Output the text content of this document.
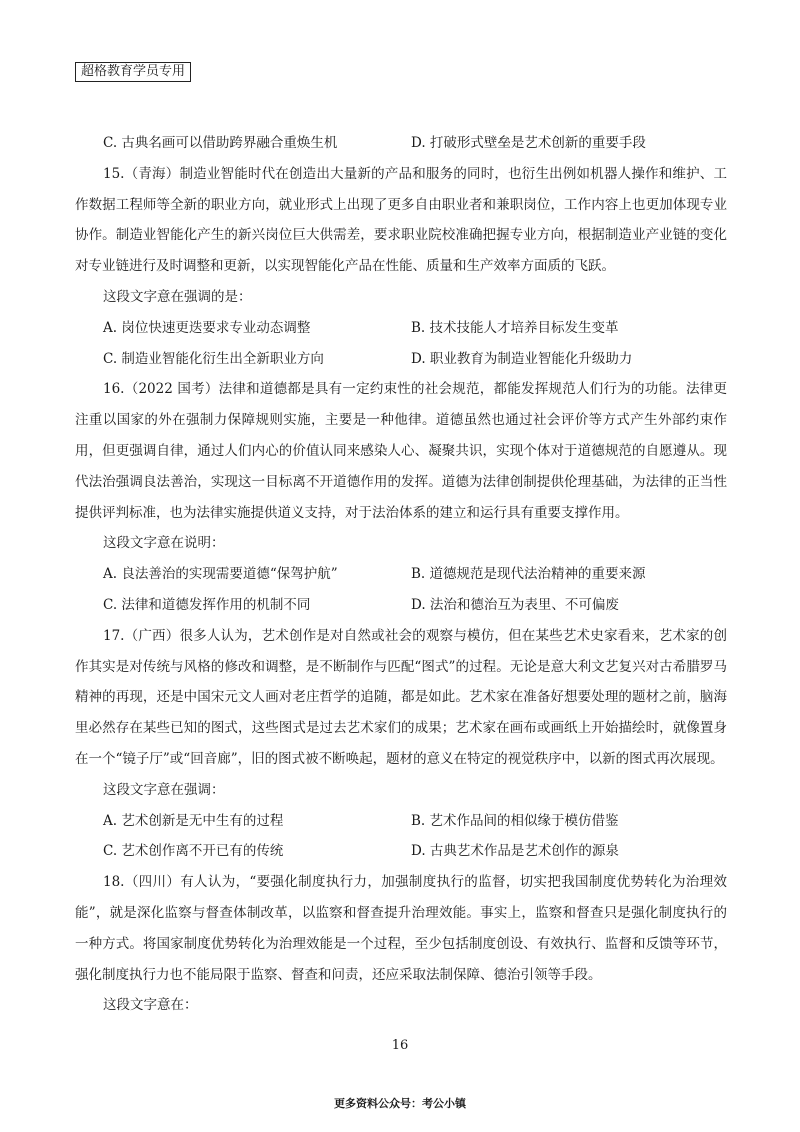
超格教育学员专用
C. 古典名画可以借助跨界融合重焕生机	D. 打破形式壁垒是艺术创新的重要手段

15.（青海）制造业智能时代在创造出大量新的产品和服务的同时，也衍生出例如机器人操作和维护、工作数据工程师等全新的职业方向，就业形式上出现了更多自由职业者和兼职岗位，工作内容上也更加体现专业协作。制造业智能化产生的新兴岗位巨大供需差，要求职业院校准确把握专业方向，根据制造业产业链的变化对专业链进行及时调整和更新，以实现智能化产品在性能、质量和生产效率方面质的飞跃。

这段文字意在强调的是：
A. 岗位快速更迭要求专业动态调整	B. 技术技能人才培养目标发生变革
C. 制造业智能化衍生出全新职业方向	D. 职业教育为制造业智能化升级助力

16.（2022 国考）法律和道德都是具有一定约束性的社会规范，都能发挥规范人们行为的功能。法律更注重以国家的外在强制力保障规则实施，主要是一种他律。道德虽然也通过社会评价等方式产生外部约束作用，但更强调自律，通过人们内心的价值认同来感染人心、凝聚共识，实现个体对于道德规范的自愿遵从。现代法治强调良法善治，实现这一目标离不开道德作用的发挥。道德为法律创制提供伦理基础，为法律的正当性提供评判标准，也为法律实施提供道义支持，对于法治体系的建立和运行具有重要支撑作用。

这段文字意在说明：
A. 良法善治的实现需要道德“保驾护航”	B. 道德规范是现代法治精神的重要来源
C. 法律和道德发挥作用的机制不同	D. 法治和德治互为表里、不可偏废

17.（广西）很多人认为，艺术创作是对自然或社会的观察与模仿，但在某些艺术史家看来，艺术家的创作其实是对传统与风格的修改和调整，是不断制作与匹配“图式”的过程。无论是意大利文艺复兴对古希腊罗马精神的再现，还是中国宋元文人画对老庄哲学的追随，都是如此。艺术家在准备好想要处理的题材之前，脑海里必然存在某些已知的图式，这些图式是过去艺术家们的成果；艺术家在画布或画纸上开始描绘时，就像置身在一个“镜子厅”或“回音廊”，旧的图式被不断唤起，题材的意义在特定的视觉秩序中，以新的图式再次展现。

这段文字意在强调：
A. 艺术创新是无中生有的过程	B. 艺术作品间的相似缘于模仿借鉴
C. 艺术创作离不开已有的传统	D. 古典艺术作品是艺术创作的源泉

18.（四川）有人认为，“要强化制度执行力，加强制度执行的监督，切实把我国制度优势转化为治理效能”，就是深化监察与督查体制改革，以监察和督查提升治理效能。事实上，监察和督查只是强化制度执行的一种方式。将国家制度优势转化为治理效能是一个过程，至少包括制度创设、有效执行、监督和反馈等环节，强化制度执行力也不能局限于监察、督查和问责，还应采取法制保障、德治引领等手段。

这段文字意在：
16
更多资料公众号：考公小镇
